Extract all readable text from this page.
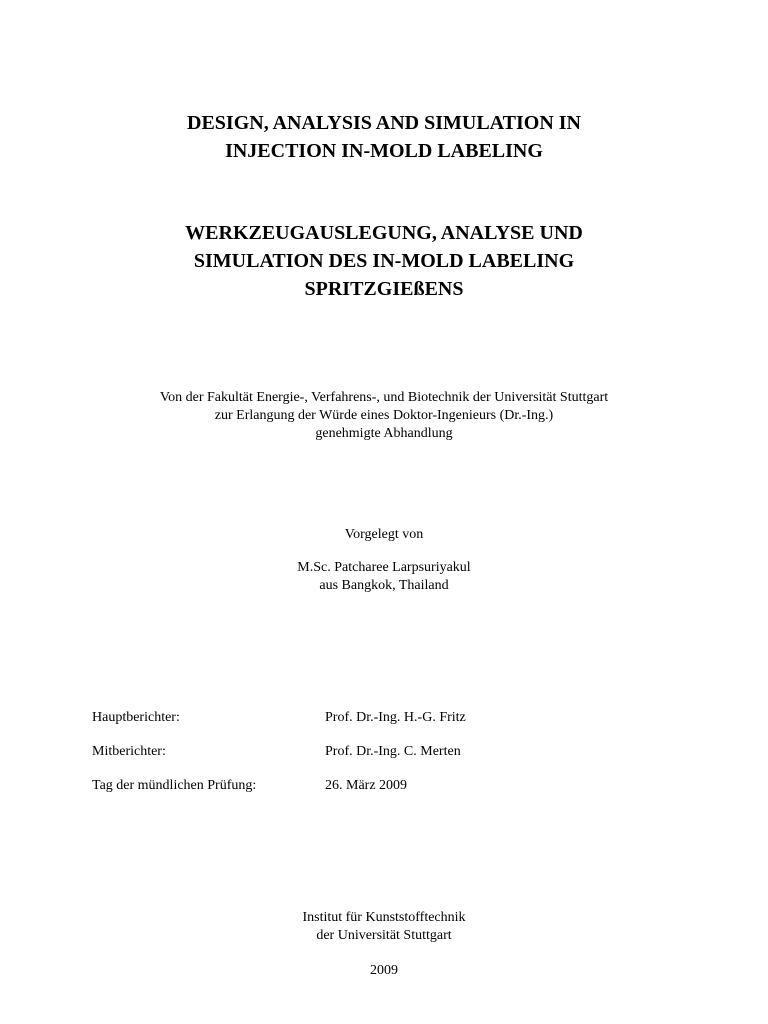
DESIGN, ANALYSIS AND SIMULATION IN
INJECTION IN-MOLD LABELING
WERKZEUGAUSLEGUNG, ANALYSE UND
SIMULATION DES IN-MOLD LABELING
SPRITZGIEßENS
Von der Fakultät Energie-, Verfahrens-, und Biotechnik der Universität Stuttgart
zur Erlangung der Würde eines Doktor-Ingenieurs (Dr.-Ing.)
genehmigte Abhandlung
Vorgelegt von
M.Sc. Patcharee Larpsuriyakul
aus Bangkok, Thailand
Hauptberichter:	Prof. Dr.-Ing. H.-G. Fritz
Mitberichter:	Prof. Dr.-Ing. C. Merten
Tag der mündlichen Prüfung:	26. März 2009
Institut für Kunststofftechnik
der Universität Stuttgart
2009
